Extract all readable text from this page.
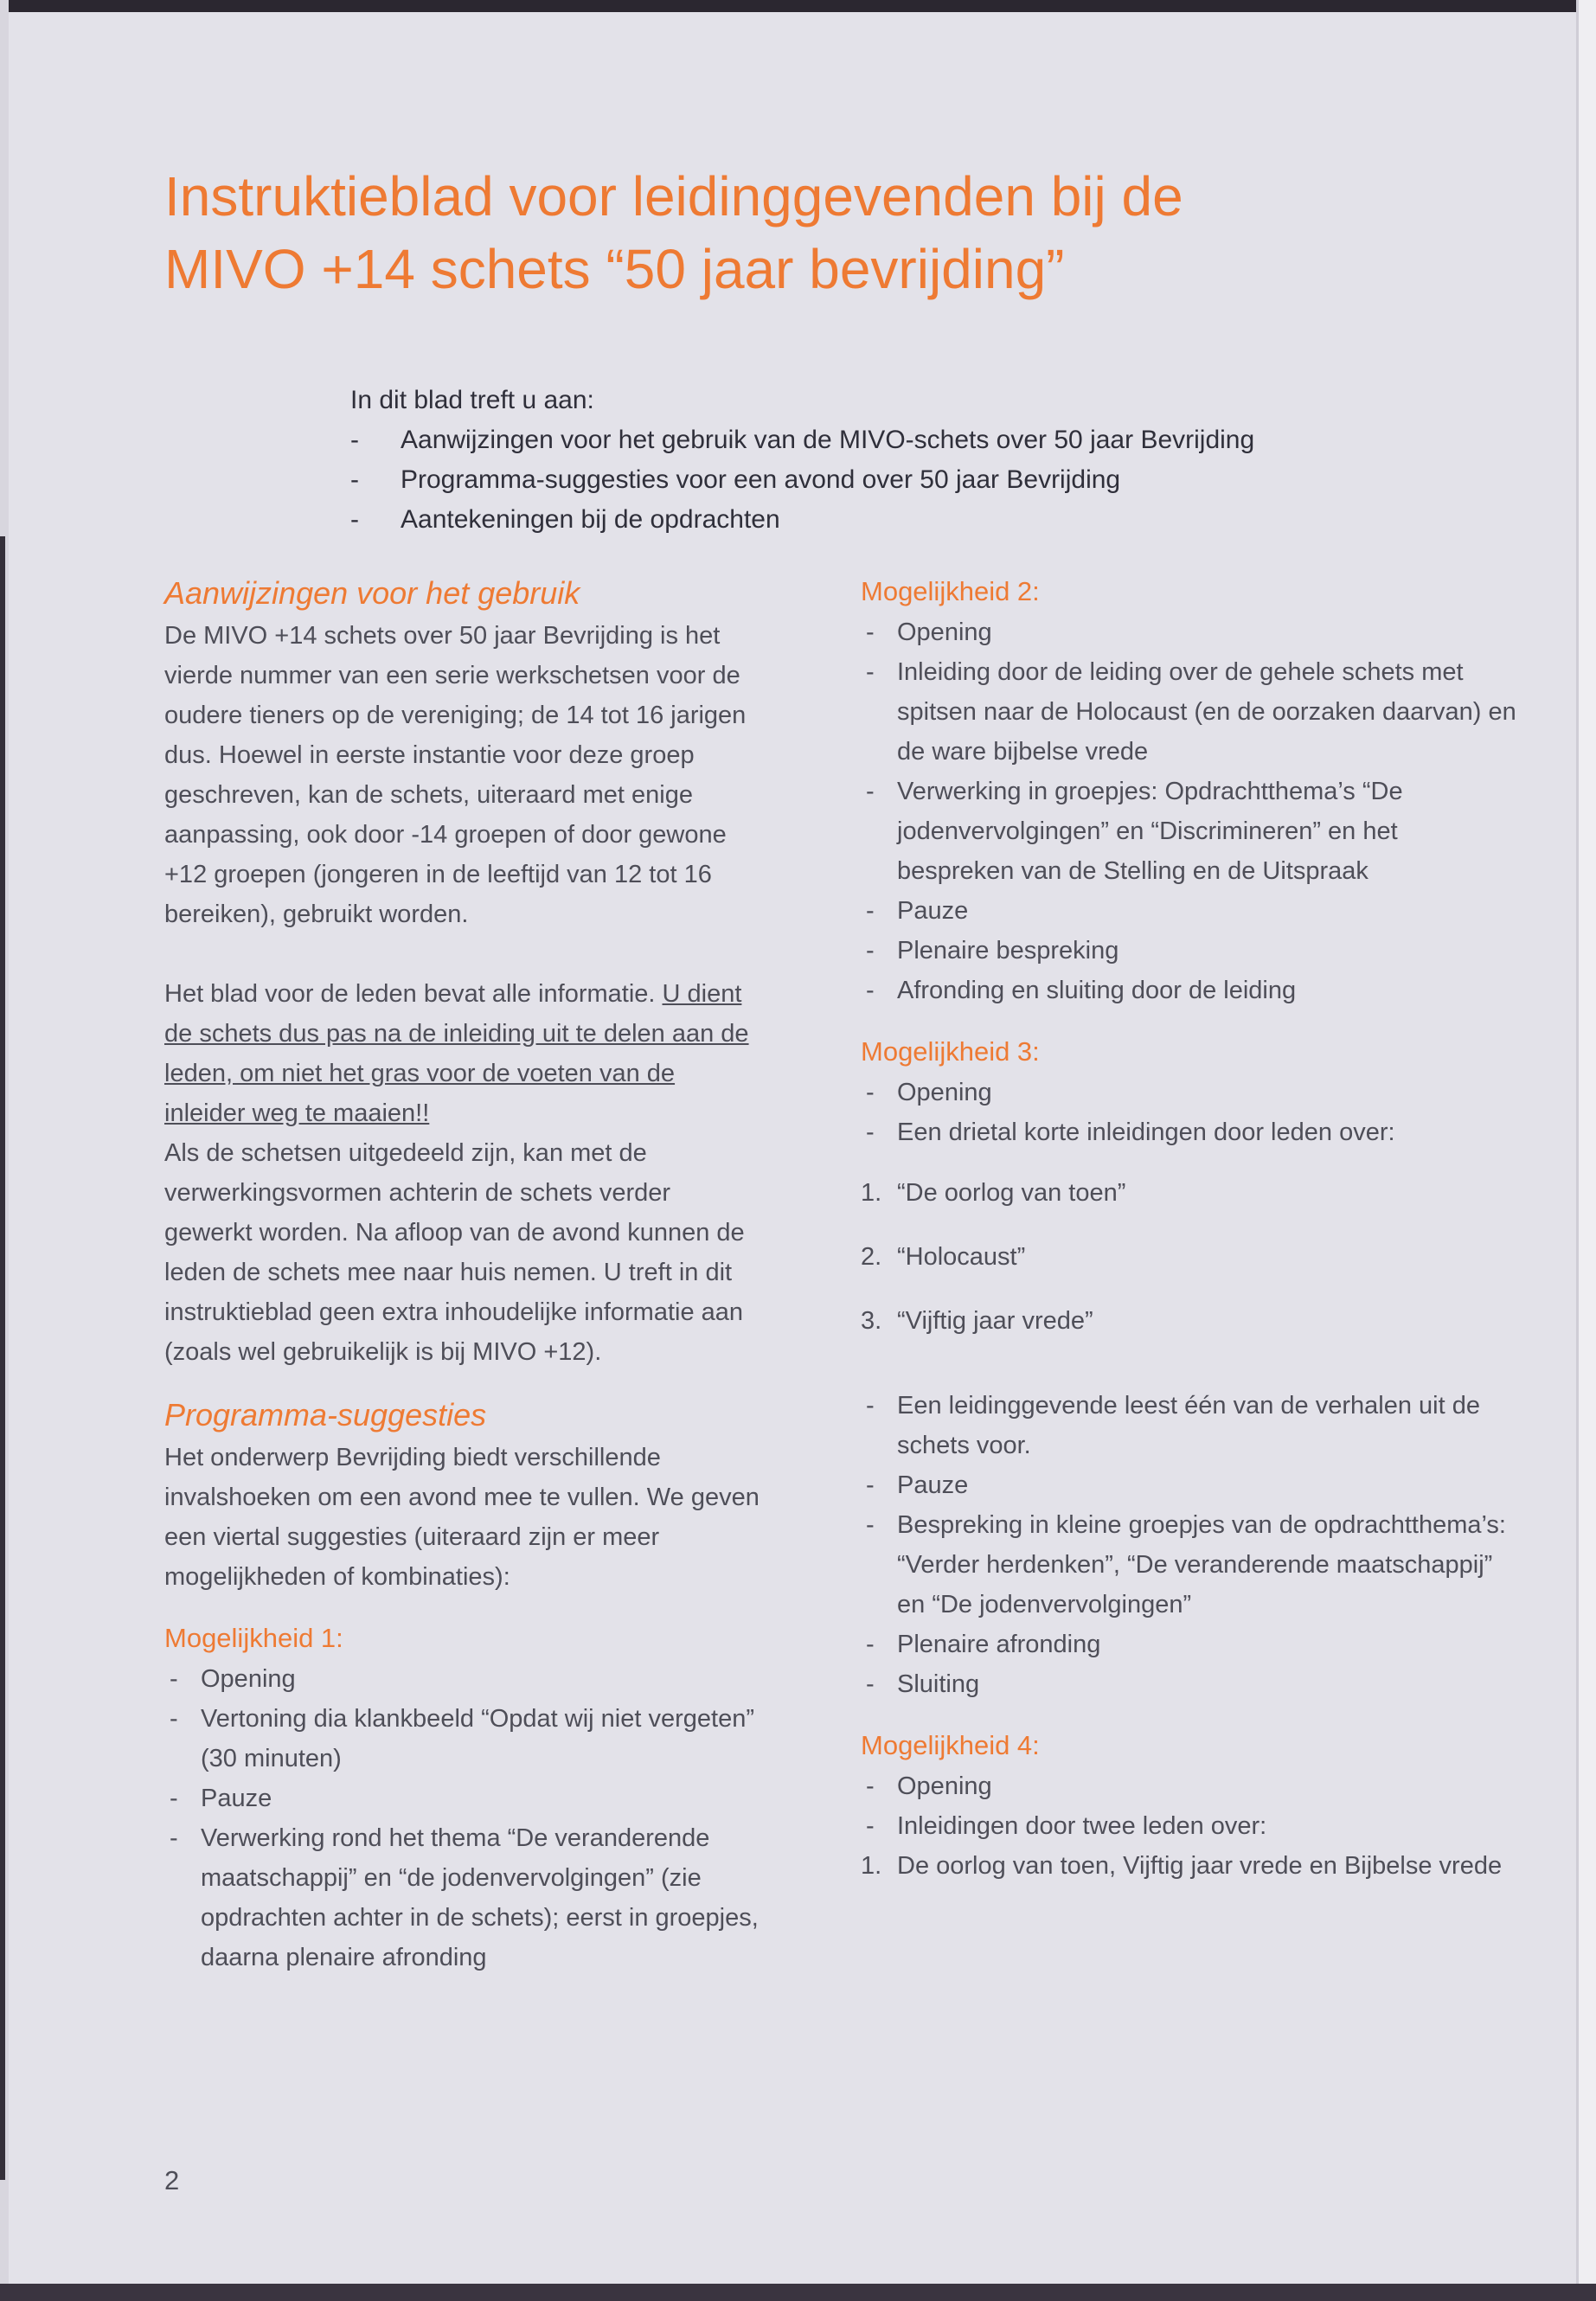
Instruktieblad voor leidinggevenden bij de
MIVO +14 schets “50 jaar bevrijding”
In dit blad treft u aan:
- Aanwijzingen voor het gebruik van de MIVO-schets over 50 jaar Bevrijding
- Programma-suggesties voor een avond over 50 jaar Bevrijding
- Aantekeningen bij de opdrachten
Aanwijzingen voor het gebruik

De MIVO +14 schets over 50 jaar Bevrijding is het vierde nummer van een serie werkschetsen voor de oudere tieners op de vereniging; de 14 tot 16 jarigen dus. Hoewel in eerste instantie voor deze groep geschreven, kan de schets, uiteraard met enige aanpassing, ook door -14 groepen of door gewone +12 groepen (jongeren in de leeftijd van 12 tot 16 bereiken), gebruikt worden.

Het blad voor de leden bevat alle informatie. U dient de schets dus pas na de inleiding uit te delen aan de leden, om niet het gras voor de voeten van de inleider weg te maaien!!

Als de schetsen uitgedeeld zijn, kan met de verwerkingsvormen achterin de schets verder gewerkt worden. Na afloop van de avond kunnen de leden de schets mee naar huis nemen. U treft in dit instruktieblad geen extra inhoudelijke informatie aan (zoals wel gebruikelijk is bij MIVO +12).

Programma-suggesties

Het onderwerp Bevrijding biedt verschillende invalshoeken om een avond mee te vullen. We geven een viertal suggesties (uiteraard zijn er meer mogelijkheden of kombinaties):

Mogelijkheid 1:
- Opening
- Vertoning dia klankbeeld “Opdat wij niet vergeten” (30 minuten)
- Pauze
- Verwerking rond het thema “De veranderende maatschappij” en “de jodenvervolgingen” (zie opdrachten achter in de schets); eerst in groepjes, daarna plenaire afronding
Mogelijkheid 2:
- Opening
- Inleiding door de leiding over de gehele schets met spitsen naar de Holocaust (en de oorzaken daarvan) en de ware bijbelse vrede
- Verwerking in groepjes: Opdrachtthema’s “De jodenvervolgingen” en “Discrimineren” en het bespreken van de Stelling en de Uitspraak
- Pauze
- Plenaire bespreking
- Afronding en sluiting door de leiding
Mogelijkheid 3:
- Opening
- Een drietal korte inleidingen door leden over:
1. “De oorlog van toen”
2. “Holocaust”
3. “Vijftig jaar vrede”
- Een leidinggevende leest één van de verhalen uit de schets voor.
- Pauze
- Bespreking in kleine groepjes van de opdrachtthema’s: “Verder herdenken”, “De veranderende maatschappij” en “De jodenvervolgingen”
- Plenaire afronding
- Sluiting
Mogelijkheid 4:
- Opening
- Inleidingen door twee leden over:
1. De oorlog van toen, Vijftig jaar vrede en Bijbelse vrede
2
